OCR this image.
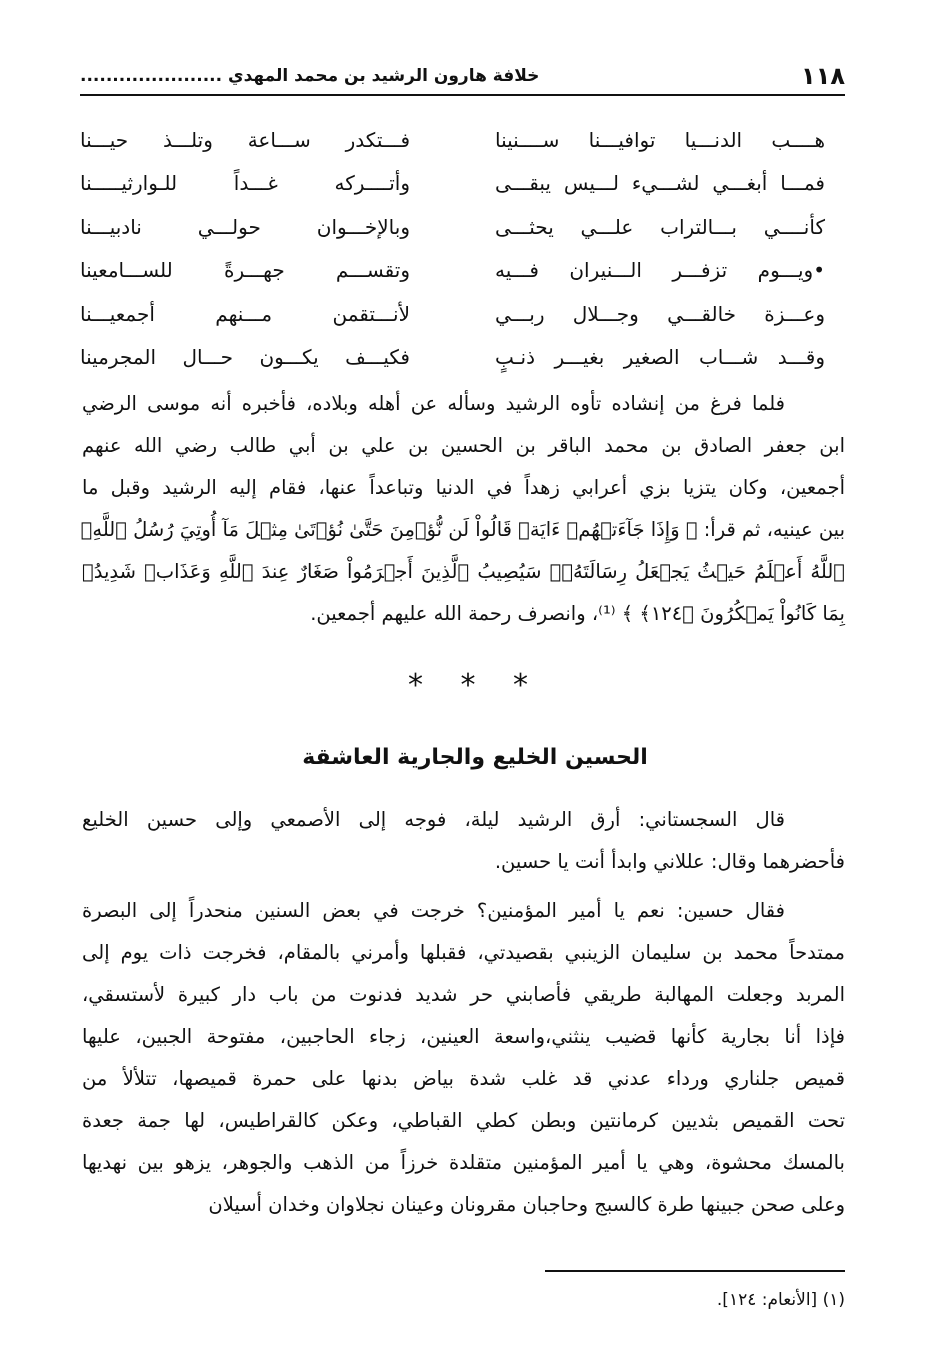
١١٨
خلافة هارون الرشيد بن محمد المهدي ......................
هــــب الدنـــيا توافيـــنا ســــنينا
فـــتكدر ســـاعة وتلـــذ حيـــنا
فمـــا أبغـــي لشـــيء لـــيس يبقـــى
وأتــــركه غـــداً للـوارثيـــــنا
كأنــــي بـــالتراب علـــي يحثـــى
وبالإخـــوان حولـــي نادبيـــنا
•ويـــوم تزفـــر الـــنيران فـــيه
وتقســـم جهـــرةً للســـامعينا
وعـــزة خالقـــي وجـــلال ربـــي
لأنـــتقمن مـــنهم أجمعيـــنا
وقـــد شـــاب الصغير بغيـــر ذنـبٍ
فكيـــف يكـــون حـــال المجرمينا
فلما فرغ من إنشاده تأوه الرشيد وسأله عن أهله وبلاده، فأخبره أنه موسى الرضي
ابن جعفر الصادق بن محمد الباقر بن الحسين بن علي بن أبي طالب رضي الله عنهم
أجمعين، وكان يتزيا بزي أعرابي زهداً في الدنيا وتباعداً عنها، فقام إليه الرشيد وقبل ما
بين عينيه، ثم قرأ: ﴿ وَإِذَا جَآءَتۡهُمۡ ءَايَةٞ قَالُواْ لَن نُّؤۡمِنَ حَتَّىٰ نُؤۡتَىٰ مِثۡلَ مَآ أُوتِيَ رُسُلُ ٱللَّهِۘ
ٱللَّهُ أَعۡلَمُ حَيۡثُ يَجۡعَلُ رِسَالَتَهُۥۗ سَيُصِيبُ ٱلَّذِينَ أَجۡرَمُواْ صَغَارٌ عِندَ ٱللَّهِ وَعَذَابٞ شَدِيدُۢ
بِمَا كَانُواْ يَمۡكُرُونَ ﴿١٢٤﴾ ﴾ ⁽¹⁾، وانصرف رحمة الله عليهم أجمعين.
* * *
الحسين الخليع والجارية العاشقة
قال السجستاني: أرق الرشيد ليلة، فوجه إلى الأصمعي وإلى حسين الخليع
فأحضرهما وقال: عللاني وابدأ أنت يا حسين.
فقال حسين: نعم يا أمير المؤمنين؟ خرجت في بعض السنين منحدراً إلى البصرة
ممتدحاً محمد بن سليمان الزينبي بقصيدتي، فقبلها وأمرني بالمقام، فخرجت ذات يوم إلى
المربد وجعلت المهالبة طريقي فأصابني حر شديد فدنوت من باب دار كبيرة لأستسقي،
فإذا أنا بجارية كأنها قضيب ينثني،واسعة العينين، زجاء الحاجبين، مفتوحة الجبين، عليها
قميص جلناري ورداء عدني قد غلب شدة بياض بدنها على حمرة قميصها، تتلألأ من
تحت القميص بثديين كرمانتين وبطن كطي القباطي، وعكن كالقراطيس، لها جمة جعدة
بالمسك محشوة، وهي يا أمير المؤمنين متقلدة خرزاً من الذهب والجوهر، يزهو بين نهديها
وعلى صحن جبينها طرة كالسبج وحاجبان مقرونان وعينان نجلاوان وخدان أسيلان
(١) [الأنعام: ١٢٤].
